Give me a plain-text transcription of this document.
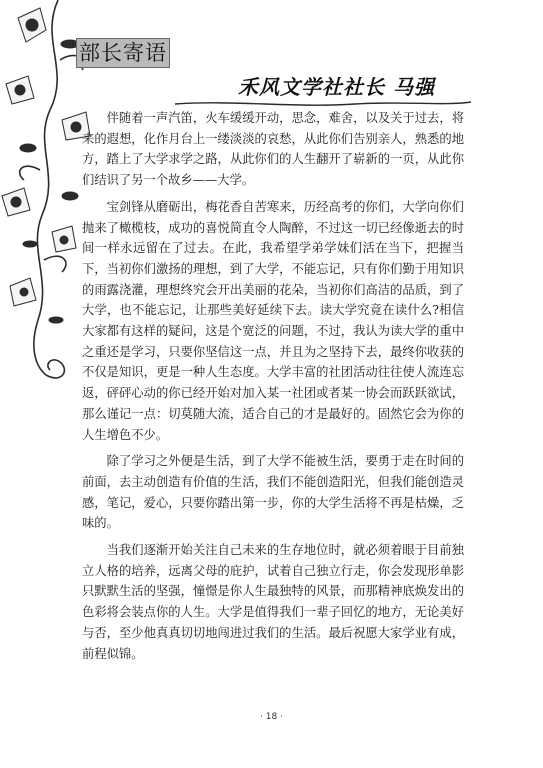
部长寄语
禾风文学社社长 马强

伴随着一声汽笛，火车缓缓开动，思念，难舍，以及关于过去，将来的遐想，化作月台上一缕淡淡的哀愁，从此你们告别亲人，熟悉的地方，踏上了大学求学之路，从此你们的人生翻开了崭新的一页，从此你们结识了另一个故乡——大学。

宝剑锋从磨砺出，梅花香自苦寒来，历经高考的你们，大学向你们抛来了橄榄枝，成功的喜悦简直令人陶醉，不过这一切已经像逝去的时间一样永远留在了过去。在此，我希望学弟学妹们活在当下，把握当下，当初你们激扬的理想，到了大学，不能忘记，只有你们勤于用知识的雨露浇灌，理想终究会开出美丽的花朵，当初你们高洁的品质，到了大学，也不能忘记，让那些美好延续下去。读大学究竟在读什么?相信大家都有这样的疑问，这是个宽泛的问题，不过，我认为读大学的重中之重还是学习，只要你坚信这一点，并且为之坚持下去，最终你收获的不仅是知识，更是一种人生态度。大学丰富的社团活动往往使人流连忘返，砰砰心动的你已经开始对加入某一社团或者某一协会而跃跃欲试，那么谨记一点：切莫随大流，适合自己的才是最好的。固然它会为你的人生增色不少。

除了学习之外便是生活，到了大学不能被生活，要勇于走在时间的前面，去主动创造有价值的生活，我们不能创造阳光，但我们能创造灵感，笔记，爱心，只要你踏出第一步，你的大学生活将不再是枯燥，乏味的。

当我们逐渐开始关注自己未来的生存地位时，就必须着眼于目前独立人格的培养，远离父母的庇护，试着自己独立行走，你会发现形单影只默默生活的坚强，憧憬是你人生最独特的风景，而那精神底焕发出的色彩将会装点你的人生。大学是值得我们一辈子回忆的地方，无论美好与否，至少他真真切切地闯进过我们的生活。最后祝愿大家学业有成，前程似锦。

· 18 ·
